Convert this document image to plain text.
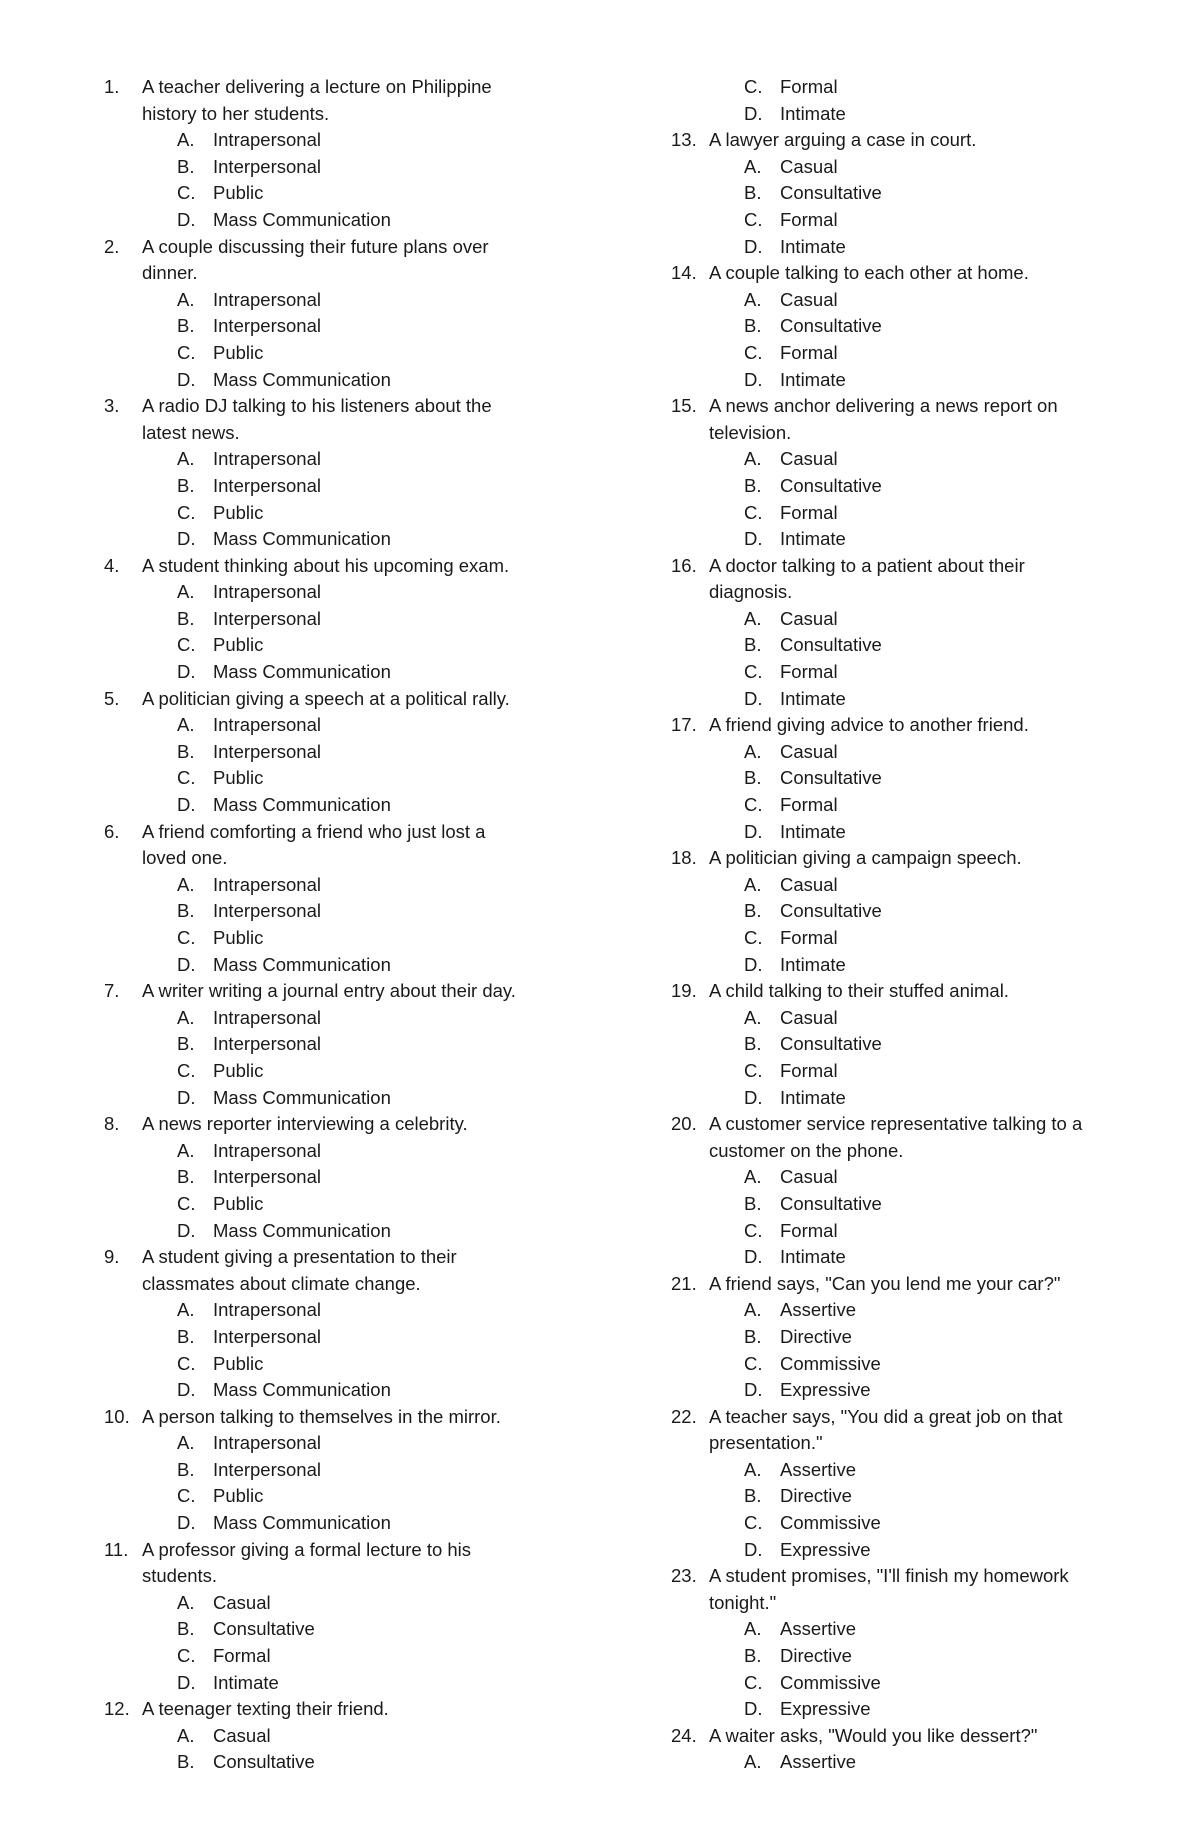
1.	A teacher delivering a lecture on Philippine
history to her students.
A.	Intrapersonal
B.	Interpersonal
C. Public
D. Mass Communication
2.	A couple discussing their future plans over
dinner.
A.	Intrapersonal
B.	Interpersonal
C. Public
D. Mass Communication
3.	A radio DJ talking to his listeners about the
latest news.
A.	Intrapersonal
B.	Interpersonal
C. Public
D. Mass Communication
4.	A student thinking about his upcoming exam.
A.	Intrapersonal
B.	Interpersonal
C. Public
D. Mass Communication
5.	A politician giving a speech at a political rally.
A.	Intrapersonal
B.	Interpersonal
C. Public
D. Mass Communication
6.	A friend comforting a friend who just lost a
loved one.
A.	Intrapersonal
B.	Interpersonal
C. Public
D. Mass Communication
7.	A writer writing a journal entry about their day.
A.	Intrapersonal
B.	Interpersonal
C. Public
D. Mass Communication
8.	A news reporter interviewing a celebrity.
A.	Intrapersonal
B.	Interpersonal
C. Public
D. Mass Communication
9.	A student giving a presentation to their
classmates about climate change.
A.	Intrapersonal
B.	Interpersonal
C. Public
D. Mass Communication
10. A person talking to themselves in the mirror.
A.	Intrapersonal
B.	Interpersonal
C. Public
D. Mass Communication
11. A professor giving a formal lecture to his
students.
A.	Casual
B.	Consultative
C. Formal
D. Intimate
12. A teenager texting their friend.
A.	Casual
B.	Consultative
C. Formal
D. Intimate
13. A lawyer arguing a case in court.
A.	Casual
B.	Consultative
C. Formal
D. Intimate
14. A couple talking to each other at home.
A.	Casual
B.	Consultative
C. Formal
D. Intimate
15. A news anchor delivering a news report on
television.
A.	Casual
B.	Consultative
C. Formal
D. Intimate
16. A doctor talking to a patient about their
diagnosis.
A.	Casual
B.	Consultative
C. Formal
D. Intimate
17. A friend giving advice to another friend.
A.	Casual
B.	Consultative
C. Formal
D. Intimate
18. A politician giving a campaign speech.
A.	Casual
B.	Consultative
C. Formal
D. Intimate
19. A child talking to their stuffed animal.
A.	Casual
B.	Consultative
C. Formal
D. Intimate
20. A customer service representative talking to a
customer on the phone.
A.	Casual
B.	Consultative
C. Formal
D. Intimate
21. A friend says, "Can you lend me your car?"
A.	Assertive
B.	Directive
C. Commissive
D. Expressive
22. A teacher says, "You did a great job on that
presentation."
A.	Assertive
B.	Directive
C. Commissive
D. Expressive
23. A student promises, "I'll finish my homework
tonight."
A.	Assertive
B.	Directive
C. Commissive
D. Expressive
24. A waiter asks, "Would you like dessert?"
A.	Assertive
